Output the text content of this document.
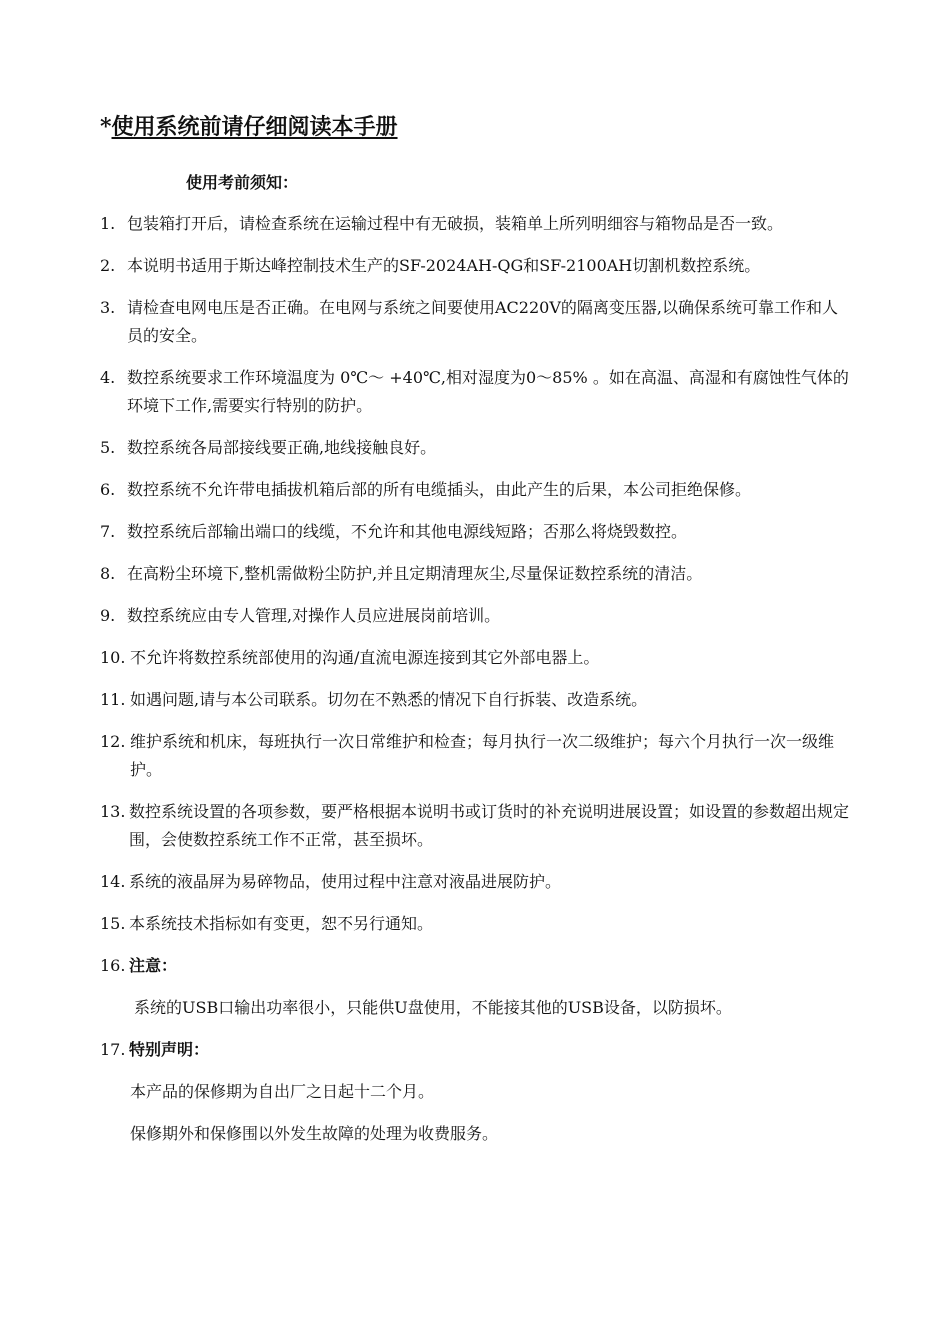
*使用系统前请仔细阅读本手册
使用考前须知：
1. 包装箱打开后，请检查系统在运输过程中有无破损，装箱单上所列明细容与箱物品是否一致。
2. 本说明书适用于斯达峰控制技术生产的SF-2024AH-QG和SF-2100AH切割机数控系统。
3. 请检查电网电压是否正确。在电网与系统之间要使用AC220V的隔离变压器,以确保系统可靠工作和人员的安全。
4. 数控系统要求工作环境温度为 0℃～ +40℃,相对湿度为0～85% 。如在高温、高湿和有腐蚀性气体的环境下工作,需要实行特别的防护。
5. 数控系统各局部接线要正确,地线接触良好。
6. 数控系统不允许带电插拔机箱后部的所有电缆插头，由此产生的后果，本公司拒绝保修。
7. 数控系统后部输出端口的线缆，不允许和其他电源线短路；否那么将烧毁数控。
8. 在高粉尘环境下,整机需做粉尘防护,并且定期清理灰尘,尽量保证数控系统的清洁。
9. 数控系统应由专人管理,对操作人员应进展岗前培训。
10. 不允许将数控系统部使用的沟通/直流电源连接到其它外部电器上。
11. 如遇问题,请与本公司联系。切勿在不熟悉的情况下自行拆装、改造系统。
12. 维护系统和机床，每班执行一次日常维护和检查；每月执行一次二级维护；每六个月执行一次一级维护。
13. 数控系统设置的各项参数，要严格根据本说明书或订货时的补充说明进展设置；如设置的参数超出规定围，会使数控系统工作不正常，甚至损坏。
14. 系统的液晶屏为易碎物品，使用过程中注意对液晶进展防护。
15. 本系统技术指标如有变更，恕不另行通知。
16. 注意：
系统的USB口输出功率很小，只能供U盘使用，不能接其他的USB设备，以防损坏。
17. 特别声明：
本产品的保修期为自出厂之日起十二个月。
保修期外和保修围以外发生故障的处理为收费服务。
